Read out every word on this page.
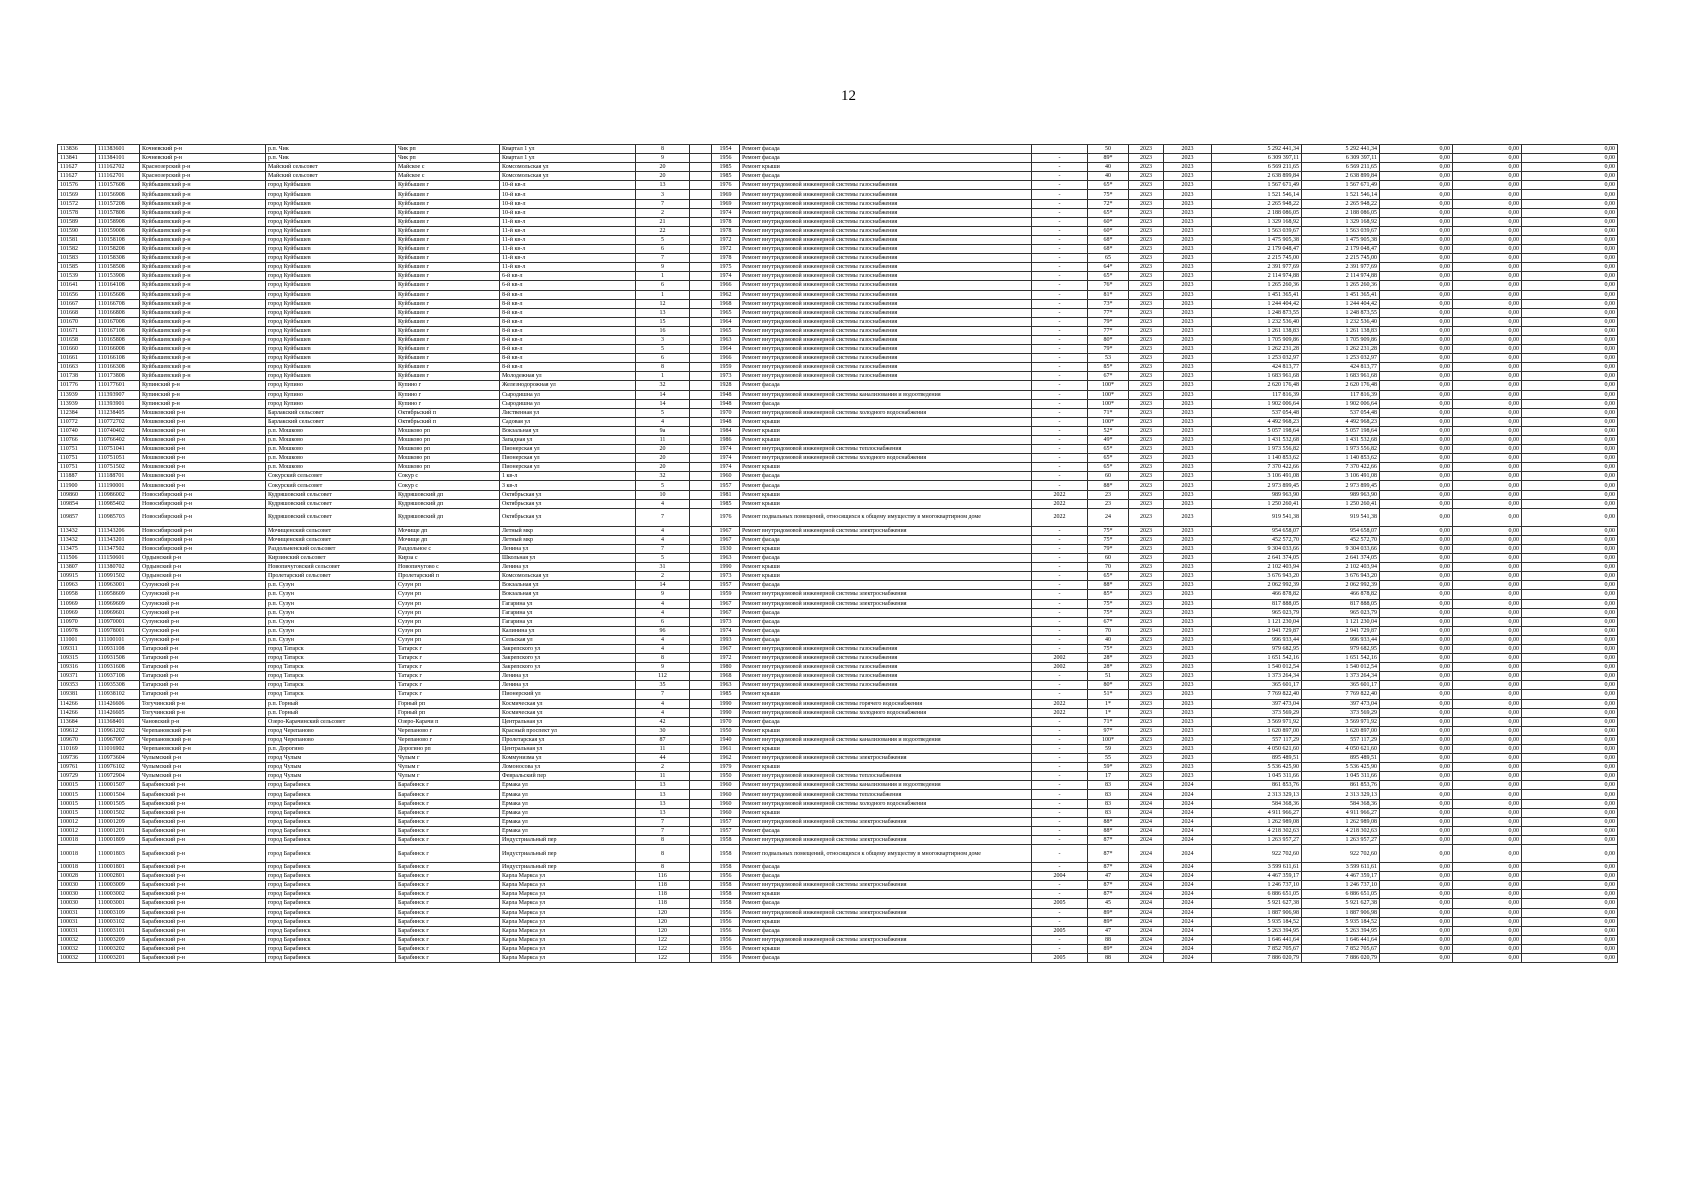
12
113836	111383601	Кочневский р-н	р.п. Чик	Чик рп	Квартал 1 ул	8		1954	Ремонт фасада		50	2023	2023	5 292 441,34	5 292 441,34	0,00	0,00	0,00
113841	111384101	Кочневский р-н	р.п. Чик	Чик рп	Квартал 1 ул	9		1956	Ремонт фасада	-	89*	2023	2023	6 309 397,11	6 309 397,11	0,00	0,00	0,00
111627	111162702	Краснозерский р-н	Майский сельсовет	Майское с	Комсомольская ул	20		1985	Ремонт крыши	-	40	2023	2023	6 569 211,65	6 569 211,65	0,00	0,00	0,00
111627	111162701	Краснозерский р-н	Майский сельсовет	Майское с	Комсомольская ул	20		1985	Ремонт фасада	-	40	2023	2023	2 638 899,84	2 638 899,84	0,00	0,00	0,00
101576	110157608	Куйбышевский р-н	город Куйбышев	Куйбышев г	10-й кв-л	13		1976	Ремонт внутридомовой инженерной системы газоснабжения	-	65*	2023	2023	1 567 671,49	1 567 671,49	0,00	0,00	0,00
101569	110156908	Куйбышевский р-н	город Куйбышев	Куйбышев г	10-й кв-л	3		1969	Ремонт внутридомовой инженерной системы газоснабжения	-	75*	2023	2023	1 521 546,14	1 521 546,14	0,00	0,00	0,00
101572	110157208	Куйбышевский р-н	город Куйбышев	Куйбышев г	10-й кв-л	7		1969	Ремонт внутридомовой инженерной системы газоснабжения	-	72*	2023	2023	2 265 948,22	2 265 948,22	0,00	0,00	0,00
101578	110157808	Куйбышевский р-н	город Куйбышев	Куйбышев г	10-й кв-л	2		1974	Ремонт внутридомовой инженерной системы газоснабжения	-	65*	2023	2023	2 188 086,05	2 188 086,05	0,00	0,00	0,00
101589	110158908	Куйбышевский р-н	город Куйбышев	Куйбышев г	11-й кв-л	21		1978	Ремонт внутридомовой инженерной системы газоснабжения	-	60*	2023	2023	1 329 168,92	1 329 168,92	0,00	0,00	0,00
101590	110159008	Куйбышевский р-н	город Куйбышев	Куйбышев г	11-й кв-л	22		1978	Ремонт внутридомовой инженерной системы газоснабжения	-	60*	2023	2023	1 563 039,67	1 563 039,67	0,00	0,00	0,00
101581	110158108	Куйбышевский р-н	город Куйбышев	Куйбышев г	11-й кв-л	5		1972	Ремонт внутридомовой инженерной системы газоснабжения	-	68*	2023	2023	1 475 905,38	1 475 905,38	0,00	0,00	0,00
101582	110158208	Куйбышевский р-н	город Куйбышев	Куйбышев г	11-й кв-л	6		1972	Ремонт внутридомовой инженерной системы газоснабжения	-	68*	2023	2023	2 179 048,47	2 179 048,47	0,00	0,00	0,00
101583	110158308	Куйбышевский р-н	город Куйбышев	Куйбышев г	11-й кв-л	7		1978	Ремонт внутридомовой инженерной системы газоснабжения	-	65	2023	2023	2 215 745,00	2 215 745,00	0,00	0,00	0,00
101585	110158508	Куйбышевский р-н	город Куйбышев	Куйбышев г	11-й кв-л	9		1975	Ремонт внутридомовой инженерной системы газоснабжения	-	64*	2023	2023	2 391 977,69	2 391 977,69	0,00	0,00	0,00
101539	110153908	Куйбышевский р-н	город Куйбышев	Куйбышев г	6-й кв-л	1		1974	Ремонт внутридомовой инженерной системы газоснабжения	-	65*	2023	2023	2 114 974,88	2 114 974,88	0,00	0,00	0,00
101641	110164108	Куйбышевский р-н	город Куйбышев	Куйбышев г	6-й кв-л	6		1966	Ремонт внутридомовой инженерной системы газоснабжения	-	76*	2023	2023	1 265 260,36	1 265 260,36	0,00	0,00	0,00
101656	110165608	Куйбышевский р-н	город Куйбышев	Куйбышев г	8-й кв-л	1		1962	Ремонт внутридомовой инженерной системы газоснабжения	-	81*	2023	2023	1 451 365,41	1 451 365,41	0,00	0,00	0,00
101667	110166708	Куйбышевский р-н	город Куйбышев	Куйбышев г	8-й кв-л	12		1968	Ремонт внутридомовой инженерной системы газоснабжения	-	73*	2023	2023	1 244 404,42	1 244 404,42	0,00	0,00	0,00
101668	110166808	Куйбышевский р-н	город Куйбышев	Куйбышев г	8-й кв-л	13		1965	Ремонт внутридомовой инженерной системы газоснабжения	-	77*	2023	2023	1 248 873,55	1 248 873,55	0,00	0,00	0,00
101670	110167008	Куйбышевский р-н	город Куйбышев	Куйбышев г	8-й кв-л	15		1964	Ремонт внутридомовой инженерной системы газоснабжения	-	79*	2023	2023	1 232 536,40	1 232 536,40	0,00	0,00	0,00
101671	110167108	Куйбышевский р-н	город Куйбышев	Куйбышев г	8-й кв-л	16		1965	Ремонт внутридомовой инженерной системы газоснабжения	-	77*	2023	2023	1 261 138,83	1 261 138,83	0,00	0,00	0,00
101658	110165808	Куйбышевский р-н	город Куйбышев	Куйбышев г	8-й кв-л	3		1963	Ремонт внутридомовой инженерной системы газоснабжения	-	80*	2023	2023	1 705 909,86	1 705 909,86	0,00	0,00	0,00
101660	110166008	Куйбышевский р-н	город Куйбышев	Куйбышев г	8-й кв-л	5		1964	Ремонт внутридомовой инженерной системы газоснабжения	-	79*	2023	2023	1 262 231,28	1 262 231,28	0,00	0,00	0,00
101661	110166108	Куйбышевский р-н	город Куйбышев	Куйбышев г	8-й кв-л	6		1966	Ремонт внутридомовой инженерной системы газоснабжения	-	53	2023	2023	1 253 032,97	1 253 032,97	0,00	0,00	0,00
101663	110166308	Куйбышевский р-н	город Куйбышев	Куйбышев г	8-й кв-л	8		1959	Ремонт внутридомовой инженерной системы газоснабжения	-	85*	2023	2023	424 813,77	424 813,77	0,00	0,00	0,00
101738	110173808	Куйбышевский р-н	город Куйбышев	Куйбышев г	Молодежная ул	1		1973	Ремонт внутридомовой инженерной системы газоснабжения	-	67*	2023	2023	1 683 961,68	1 683 961,68	0,00	0,00	0,00
101776	110177601	Купинский р-н	город Купино	Купино г	Железнодорожная ул	32		1928	Ремонт фасада	-	100*	2023	2023	2 620 176,48	2 620 176,48	0,00	0,00	0,00
113939	111393907	Купинский р-н	город Купино	Купино г	Сыродишна ул	14		1948	Ремонт внутридомовой инженерной системы канализования и водоотведения	-	100*	2023	2023	117 816,39	117 816,39	0,00	0,00	0,00
113939	111393901	Купинский р-н	город Купино	Купино г	Сыродишна ул	14		1948	Ремонт фасада	-	100*	2023	2023	1 902 006,64	1 902 006,64	0,00	0,00	0,00
112384	111238405	Мошковский р-н	Барлакский сельсовет	Октябрьский п	Лиственная ул	5		1970	Ремонт внутридомовой инженерной системы холодного водоснабжения	-	71*	2023	2023	537 054,48	537 054,48	0,00	0,00	0,00
110772	110772702	Мошковский р-н	Барлакский сельсовет	Октябрьский п	Садовая ул	4		1948	Ремонт крыши	-	100*	2023	2023	4 492 968,23	4 492 968,23	0,00	0,00	0,00
110740	110740402	Мошковский р-н	р.п. Мошково	Мошково рп	Вокзальная ул	9а		1984	Ремонт крыши	-	52*	2023	2023	5 057 198,64	5 057 198,64	0,00	0,00	0,00
110766	110766402	Мошковский р-н	р.п. Мошково	Мошково рп	Западная ул	11		1986	Ремонт крыши	-	49*	2023	2023	1 431 532,68	1 431 532,68	0,00	0,00	0,00
110751	110751041	Мошковский р-н	р.п. Мошково	Мошково рп	Пионерская ул	20		1974	Ремонт внутридомовой инженерной системы теплоснабжения	-	65*	2023	2023	1 973 556,82	1 973 556,82	0,00	0,00	0,00
110751	110751051	Мошковский р-н	р.п. Мошково	Мошково рп	Пионерская ул	20		1974	Ремонт внутридомовой инженерной системы холодного водоснабжения	-	65*	2023	2023	1 140 853,62	1 140 853,62	0,00	0,00	0,00
110751	110751502	Мошковский р-н	р.п. Мошково	Мошково рп	Пионерская ул	20		1974	Ремонт крыши	-	65*	2023	2023	7 370 422,66	7 370 422,66	0,00	0,00	0,00
111887	111188701	Мошковский р-н	Сокурский сельсовет	Сокур с	1 кв-л	32		1960	Ремонт фасада	-	60	2023	2023	3 106 491,08	3 106 491,08	0,00	0,00	0,00
111900	111190001	Мошковский р-н	Сокурский сельсовет	Сокур с	3 кв-л	5		1957	Ремонт фасада	-	88*	2023	2023	2 973 899,45	2 973 899,45	0,00	0,00	0,00
109860	110986002	Новосибирский р-н	Кудряшовский сельсовет	Кудряшовский дп	Октябрьская ул	10		1981	Ремонт крыши	2022	23	2023	2023	989 963,90	989 963,90	0,00	0,00	0,00
109854	110985402	Новосибирский р-н	Кудряшовский сельсовет	Кудряшовский дп	Октябрьская ул	4		1985	Ремонт крыши	2022	23	2023	2023	1 250 260,41	1 250 260,41	0,00	0,00	0,00
109857	110985703	Новосибирский р-н	Кудряшовский сельсовет	Кудряшовский дп	Октябрьская ул	7		1976	Ремонт подвальных помещений, относящихся к общему имуществу в многоквартирном доме	2022	24	2023	2023	919 541,38	919 541,38	0,00	0,00	0,00
113432	111343206	Новосибирский р-н	Мочищенский сельсовет	Мочище дп	Летный мкр	4		1967	Ремонт внутридомовой инженерной системы электроснабжения	-	75*	2023	2023	954 658,07	954 658,07	0,00	0,00	0,00
113432	111343201	Новосибирский р-н	Мочищенский сельсовет	Мочище дп	Летный мкр	4		1967	Ремонт фасада	-	75*	2023	2023	452 572,70	452 572,70	0,00	0,00	0,00
113475	111347502	Новосибирский р-н	Раздольненский сельсовет	Раздольное с	Ленина ул	7		1930	Ремонт крыши	-	79*	2023	2023	9 304 033,66	9 304 033,66	0,00	0,00	0,00
111506	111150601	Ордынский р-н	Кирзинский сельсовет	Кирза с	Школьная ул	5		1963	Ремонт фасада	-	60	2023	2023	2 641 374,05	2 641 374,05	0,00	0,00	0,00
113807	111380702	Ордынский р-н	Новопичуговский сельсовет	Новопичугово с	Ленина ул	31		1990	Ремонт крыши	-	70	2023	2023	2 102 403,94	2 102 403,94	0,00	0,00	0,00
109915	110991502	Ордынский р-н	Пролетарский сельсовет	Пролетарский п	Комсомольская ул	2		1973	Ремонт крыши	-	65*	2023	2023	3 676 943,20	3 676 943,20	0,00	0,00	0,00
110963	110963001	Сузунский р-н	р.п. Сузун	Сузун рп	Вокзальная ул	14		1957	Ремонт фасада	-	88*	2023	2023	2 062 992,39	2 062 992,39	0,00	0,00	0,00
110958	110958609	Сузунский р-н	р.п. Сузун	Сузун рп	Вокзальная ул	9		1959	Ремонт внутридомовой инженерной системы электроснабжения	-	85*	2023	2023	466 878,82	466 878,82	0,00	0,00	0,00
110969	110969609	Сузунский р-н	р.п. Сузун	Сузун рп	Гагарина ул	4		1967	Ремонт внутридомовой инженерной системы электроснабжения	-	75*	2023	2023	817 888,05	817 888,05	0,00	0,00	0,00
110969	110969601	Сузунский р-н	р.п. Сузун	Сузун рп	Гагарина ул	4		1967	Ремонт фасада	-	75*	2023	2023	965 023,79	965 023,79	0,00	0,00	0,00
110970	110970001	Сузунский р-н	р.п. Сузун	Сузун рп	Гагарина ул	6		1973	Ремонт фасада	-	67*	2023	2023	1 121 230,04	1 121 230,04	0,00	0,00	0,00
110978	110978001	Сузунский р-н	р.п. Сузун	Сузун рп	Калинина ул	96		1974	Ремонт фасада	-	70	2023	2023	2 941 729,87	2 941 729,87	0,00	0,00	0,00
111001	111100101	Сузунский р-н	р.п. Сузун	Сузун рп	Сельская ул	4		1993	Ремонт фасада	-	40	2023	2023	996 933,44	996 933,44	0,00	0,00	0,00
109311	110931108	Татарский р-н	город Татарск	Татарск г	Закрепского ул	4		1967	Ремонт внутридомовой инженерной системы газоснабжения	-	75*	2023	2023	979 682,95	979 682,95	0,00	0,00	0,00
109315	110931508	Татарский р-н	город Татарск	Татарск г	Закрепского ул	8		1972	Ремонт внутридомовой инженерной системы газоснабжения	2002	28*	2023	2023	1 651 542,16	1 651 542,16	0,00	0,00	0,00
109316	110931608	Татарский р-н	город Татарск	Татарск г	Закрепского ул	9		1980	Ремонт внутридомовой инженерной системы газоснабжения	2002	28*	2023	2023	1 540 012,54	1 540 012,54	0,00	0,00	0,00
109371	110937108	Татарский р-н	город Татарск	Татарск г	Ленина ул	112		1968	Ремонт внутридомовой инженерной системы газоснабжения	-	51	2023	2023	1 373 264,34	1 373 264,34	0,00	0,00	0,00
109353	110935308	Татарский р-н	город Татарск	Татарск г	Ленина ул	35		1963	Ремонт внутридомовой инженерной системы газоснабжения	-	80*	2023	2023	365 601,17	365 601,17	0,00	0,00	0,00
109381	110938102	Татарский р-н	город Татарск	Татарск г	Пионерский ул	7		1985	Ремонт крыши	-	51*	2023	2023	7 769 822,40	7 769 822,40	0,00	0,00	0,00
114266	111426606	Тогучинский р-н	р.п. Горный	Горный рп	Космическая ул	4		1990	Ремонт внутридомовой инженерной системы горячего водоснабжения	2022	1*	2023	2023	397 473,04	397 473,04	0,00	0,00	0,00
114266	111426605	Тогучинский р-н	р.п. Горный	Горный рп	Космическая ул	4		1990	Ремонт внутридомовой инженерной системы холодного водоснабжения	2022	1*	2023	2023	373 569,29	373 569,29	0,00	0,00	0,00
113684	111368401	Чановский р-н	Озеро-Карачинский сельсовет	Озеро-Карачи п	Центральная ул	42		1970	Ремонт фасада	-	71*	2023	2023	3 569 971,92	3 569 971,92	0,00	0,00	0,00
109612	110961202	Черепановский р-н	город Черепаново	Черепаново г	Красный проспект ул	30		1950	Ремонт крыши	-	97*	2023	2023	1 620 897,00	1 620 897,00	0,00	0,00	0,00
109670	110967007	Черепановский р-н	город Черепаново	Черепаново г	Пролетарская ул	87		1940	Ремонт внутридомовой инженерной системы канализования и водоотведения	-	100*	2023	2023	557 117,29	557 117,29	0,00	0,00	0,00
110169	111016902	Черепановский р-н	р.п. Дорогино	Дорогино рп	Центральная ул	11		1961	Ремонт крыши	-	59	2023	2023	4 050 621,60	4 050 621,60	0,00	0,00	0,00
109736	110973604	Чулымский р-н	город Чулым	Чулым г	Коммунизма ул	44		1962	Ремонт внутридомовой инженерной системы электроснабжения	-	55	2023	2023	895 489,51	895 489,51	0,00	0,00	0,00
109761	110976102	Чулымский р-н	город Чулым	Чулым г	Ломоносова ул	2		1979	Ремонт крыши	-	59*	2023	2023	5 536 425,90	5 536 425,90	0,00	0,00	0,00
109729	110972904	Чулымский р-н	город Чулым	Чулым г	Февральский пер	11		1950	Ремонт внутридомовой инженерной системы теплоснабжения	-	17	2023	2023	1 045 311,66	1 045 311,66	0,00	0,00	0,00
100015	110001507	Барабинский р-н	город Барабинск	Барабинск г	Ермака ул	13		1960	Ремонт внутридомовой инженерной системы канализования и водоотведения	-	83	2024	2024	861 853,76	861 853,76	0,00	0,00	0,00
100015	110001504	Барабинский р-н	город Барабинск	Барабинск г	Ермака ул	13		1960	Ремонт внутридомовой инженерной системы теплоснабжения	-	83	2024	2024	2 313 329,13	2 313 329,13	0,00	0,00	0,00
100015	110001505	Барабинский р-н	город Барабинск	Барабинск г	Ермака ул	13		1960	Ремонт внутридомовой инженерной системы холодного водоснабжения	-	83	2024	2024	584 368,36	584 368,36	0,00	0,00	0,00
100015	110001502	Барабинский р-н	город Барабинск	Барабинск г	Ермака ул	13		1960	Ремонт крыши	-	83	2024	2024	4 911 966,27	4 911 966,27	0,00	0,00	0,00
100012	110001209	Барабинский р-н	город Барабинск	Барабинск г	Ермака ул	7		1957	Ремонт внутридомовой инженерной системы электроснабжения	-	88*	2024	2024	1 262 989,08	1 262 989,08	0,00	0,00	0,00
100012	110001201	Барабинский р-н	город Барабинск	Барабинск г	Ермака ул	7		1957	Ремонт фасада	-	88*	2024	2024	4 218 302,63	4 218 302,63	0,00	0,00	0,00
100018	110001809	Барабинский р-н	город Барабинск	Барабинск г	Индустриальный пер	8		1958	Ремонт внутридомовой инженерной системы электроснабжения	-	87*	2024	2024	1 263 957,27	1 263 957,27	0,00	0,00	0,00
100018	110001803	Барабинский р-н	город Барабинск	Барабинск г	Индустриальный пер	8		1958	Ремонт подвальных помещений, относящихся к общему имуществу в многоквартирном доме	-	87*	2024	2024	922 702,60	922 702,60	0,00	0,00	0,00
100018	110001801	Барабинский р-н	город Барабинск	Барабинск г	Индустриальный пер	8		1958	Ремонт фасада	-	87*	2024	2024	3 599 611,61	3 599 611,61	0,00	0,00	0,00
100028	110002801	Барабинский р-н	город Барабинск	Барабинск г	Карла Маркса ул	116		1956	Ремонт фасада	2004	47	2024	2024	4 467 359,17	4 467 359,17	0,00	0,00	0,00
100030	110003009	Барабинский р-н	город Барабинск	Барабинск г	Карла Маркса ул	118		1958	Ремонт внутридомовой инженерной системы электроснабжения	-	87*	2024	2024	1 246 737,10	1 246 737,10	0,00	0,00	0,00
100030	110003002	Барабинский р-н	город Барабинск	Барабинск г	Карла Маркса ул	118		1958	Ремонт крыши	-	87*	2024	2024	6 886 651,05	6 886 651,05	0,00	0,00	0,00
100030	110003001	Барабинский р-н	город Барабинск	Барабинск г	Карла Маркса ул	118		1958	Ремонт фасада	2005	45	2024	2024	5 921 627,38	5 921 627,38	0,00	0,00	0,00
100031	110003109	Барабинский р-н	город Барабинск	Барабинск г	Карла Маркса ул	120		1956	Ремонт внутридомовой инженерной системы электроснабжения	-	89*	2024	2024	1 887 906,98	1 887 906,98	0,00	0,00	0,00
100031	110003102	Барабинский р-н	город Барабинск	Барабинск г	Карла Маркса ул	120		1956	Ремонт крыши	-	89*	2024	2024	5 935 184,52	5 935 184,52	0,00	0,00	0,00
100031	110003101	Барабинский р-н	город Барабинск	Барабинск г	Карла Маркса ул	120		1956	Ремонт фасада	2005	47	2024	2024	5 263 394,95	5 263 394,95	0,00	0,00	0,00
100032	110003209	Барабинский р-н	город Барабинск	Барабинск г	Карла Маркса ул	122		1956	Ремонт внутридомовой инженерной системы электроснабжения	-	88	2024	2024	1 646 441,64	1 646 441,64	0,00	0,00	0,00
100032	110003202	Барабинский р-н	город Барабинск	Барабинск г	Карла Маркса ул	122		1956	Ремонт крыши	-	89*	2024	2024	7 852 705,67	7 852 705,67	0,00	0,00	0,00
100032	110003201	Барабинский р-н	город Барабинск	Барабинск г	Карла Маркса ул	122		1956	Ремонт фасада	2005	88	2024	2024	7 886 020,79	7 886 020,79	0,00	0,00	0,00
